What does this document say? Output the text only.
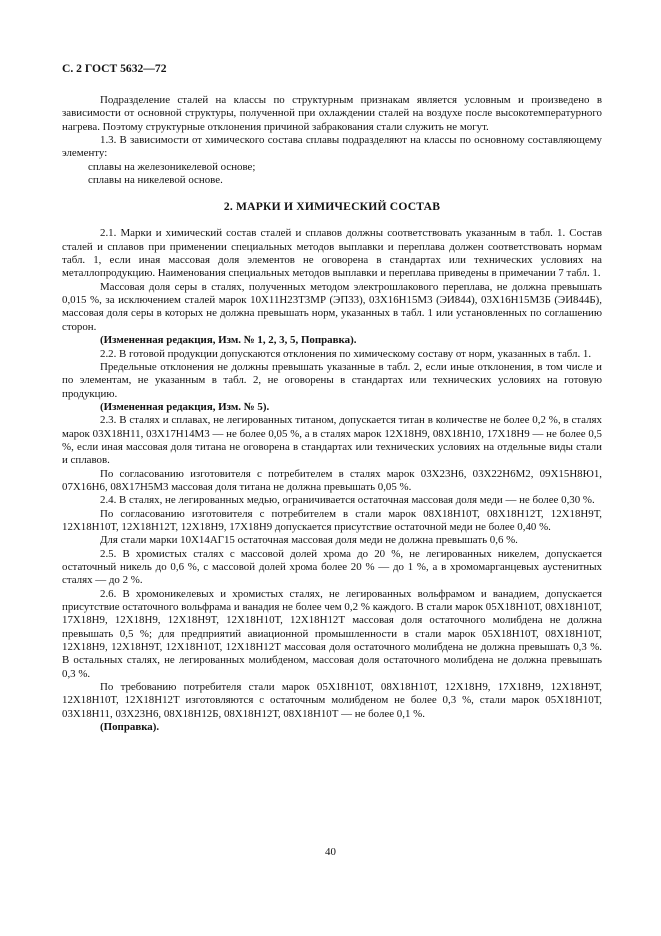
С. 2 ГОСТ 5632—72

Подразделение сталей на классы по структурным признакам является условным и произведено в зависимости от основной структуры, полученной при охлаждении сталей на воздухе после высокотемпературного нагрева. Поэтому структурные отклонения причиной забракования стали служить не могут.

1.3. В зависимости от химического состава сплавы подразделяют на классы по основному составляющему элементу:

сплавы на железоникелевой основе;

сплавы на никелевой основе.

2. МАРКИ И ХИМИЧЕСКИЙ СОСТАВ

2.1. Марки и химический состав сталей и сплавов должны соответствовать указанным в табл. 1. Состав сталей и сплавов при применении специальных методов выплавки и переплава должен соответствовать нормам табл. 1, если иная массовая доля элементов не оговорена в стандартах или технических условиях на металлопродукцию. Наименования специальных методов выплавки и переплава приведены в примечании 7 табл. 1.

Массовая доля серы в сталях, полученных методом электрошлакового переплава, не должна превышать 0,015 %, за исключением сталей марок 10Х11Н23Т3МР (ЭП33), 03Х16Н15М3 (ЭИ844), 03Х16Н15М3Б (ЭИ844Б), массовая доля серы в которых не должна превышать норм, указанных в табл. 1 или установленных по соглашению сторон.

(Измененная редакция, Изм. № 1, 2, 3, 5, Поправка).

2.2. В готовой продукции допускаются отклонения по химическому составу от норм, указанных в табл. 1.

Предельные отклонения не должны превышать указанные в табл. 2, если иные отклонения, в том числе и по элементам, не указанным в табл. 2, не оговорены в стандартах или технических условиях на готовую продукцию.

(Измененная редакция, Изм. № 5).

2.3. В сталях и сплавах, не легированных титаном, допускается титан в количестве не более 0,2 %, в сталях марок 03Х18Н11, 03Х17Н14М3 — не более 0,05 %, а в сталях марок 12Х18Н9, 08Х18Н10, 17Х18Н9 — не более 0,5 %, если иная массовая доля титана не оговорена в стандартах или технических условиях на отдельные виды стали и сплавов.

По согласованию изготовителя с потребителем в сталях марок 03Х23Н6, 03Х22Н6М2, 09Х15Н8Ю1, 07Х16Н6, 08Х17Н5М3 массовая доля титана не должна превышать 0,05 %.

2.4. В сталях, не легированных медью, ограничивается остаточная массовая доля меди — не более 0,30 %.

По согласованию изготовителя с потребителем в стали марок 08Х18Н10Т, 08Х18Н12Т, 12Х18Н9Т, 12Х18Н10Т, 12Х18Н12Т, 12Х18Н9, 17Х18Н9 допускается присутствие остаточной меди не более 0,40 %.

Для стали марки 10Х14АГ15 остаточная массовая доля меди не должна превышать 0,6 %.

2.5. В хромистых сталях с массовой долей хрома до 20 %, не легированных никелем, допускается остаточный никель до 0,6 %, с массовой долей хрома более 20 % — до 1 %, а в хромомарганцевых аустенитных сталях — до 2 %.

2.6. В хромоникелевых и хромистых сталях, не легированных вольфрамом и ванадием, допускается присутствие остаточного вольфрама и ванадия не более чем 0,2 % каждого. В стали марок 05Х18Н10Т, 08Х18Н10Т, 17Х18Н9, 12Х18Н9, 12Х18Н9Т, 12Х18Н10Т, 12Х18Н12Т массовая доля остаточного молибдена не должна превышать 0,5 %; для предприятий авиационной промышленности в стали марок 05Х18Н10Т, 08Х18Н10Т, 12Х18Н9, 12Х18Н9Т, 12Х18Н10Т, 12Х18Н12Т массовая доля остаточного молибдена не должна превышать 0,3 %. В остальных сталях, не легированных молибденом, массовая доля остаточного молибдена не должна превышать 0,3 %.

По требованию потребителя стали марок 05Х18Н10Т, 08Х18Н10Т, 12Х18Н9, 17Х18Н9, 12Х18Н9Т, 12Х18Н10Т, 12Х18Н12Т изготовляются с остаточным молибденом не более 0,3 %, стали марок 05Х18Н10Т, 03Х18Н11, 03Х23Н6, 08Х18Н12Б, 08Х18Н12Т, 08Х18Н10Т — не более 0,1 %.

(Поправка).

40
